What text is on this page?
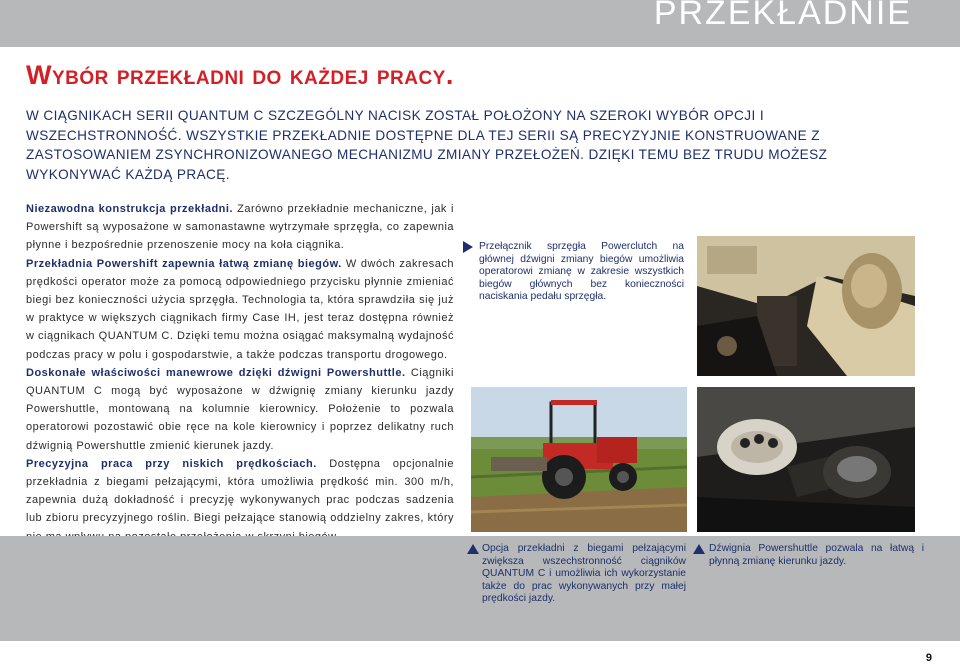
PRZEKŁADNIE
Wybór przekładni do każdej pracy.
W CIĄGNIKACH SERII QUANTUM C SZCZEGÓLNY NACISK ZOSTAŁ POŁOŻONY NA SZEROKI WYBÓR OPCJI I WSZECHSTRONNOŚĆ. WSZYSTKIE PRZEKŁADNIE DOSTĘPNE DLA TEJ SERII SĄ PRECYZYJNIE KONSTRUOWANE Z ZASTOSOWANIEM ZSYNCHRONIZOWANEGO MECHANIZMU ZMIANY PRZEŁOŻEŃ. DZIĘKI TEMU BEZ TRUDU MOŻESZ WYKONYWAĆ KAŻDĄ PRACĘ.

Niezawodna konstrukcja przekładni. Zarówno przekładnie mechaniczne, jak i Powershift są wyposażone w samonastawne wytrzymałe sprzęgła, co zapewnia płynne i bezpośrednie przenoszenie mocy na koła ciągnika.

Przekładnia Powershift zapewnia łatwą zmianę biegów. W dwóch zakresach prędkości operator może za pomocą odpowiedniego przycisku płynnie zmieniać biegi bez konieczności użycia sprzęgła. Technologia ta, która sprawdziła się już w praktyce w większych ciągnikach firmy Case IH, jest teraz dostępna również w ciągnikach QUANTUM C. Dzięki temu można osiągać maksymalną wydajność podczas pracy w polu i gospodarstwie, a także podczas transportu drogowego.

Doskonałe właściwości manewrowe dzięki dźwigni Powershuttle. Ciągniki QUANTUM C mogą być wyposażone w dźwignię zmiany kierunku jazdy Powershuttle, montowaną na kolumnie kierownicy. Położenie to pozwala operatorowi pozostawić obie ręce na kole kierownicy i poprzez delikatny ruch dźwignią Powershuttle zmienić kierunek jazdy.

Precyzyjna praca przy niskich prędkościach. Dostępna opcjonalnie przekładnia z biegami pełzającymi, która umożliwia prędkość min. 300 m/h, zapewnia dużą dokładność i precyzję wykonywanych prac podczas sadzenia lub zbioru precyzyjnego roślin. Biegi pełzające stanowią oddzielny zakres, który

Przełącznik sprzęgła Powerclutch na głównej dźwigni zmiany biegów umożliwia operatorowi zmianę w zakresie wszystkich biegów głównych bez konieczności naciskania pedału sprzęgła.
Opcja przekładni z biegami pełzającymi zwiększa wszechstronność ciągników QUANTUM C i umożliwia ich wykorzystanie także do prac wykonywanych przy małej prędkości jazdy.
Dźwignia Powershuttle pozwala na łatwą i płynną zmianę kierunku jazdy.
9
